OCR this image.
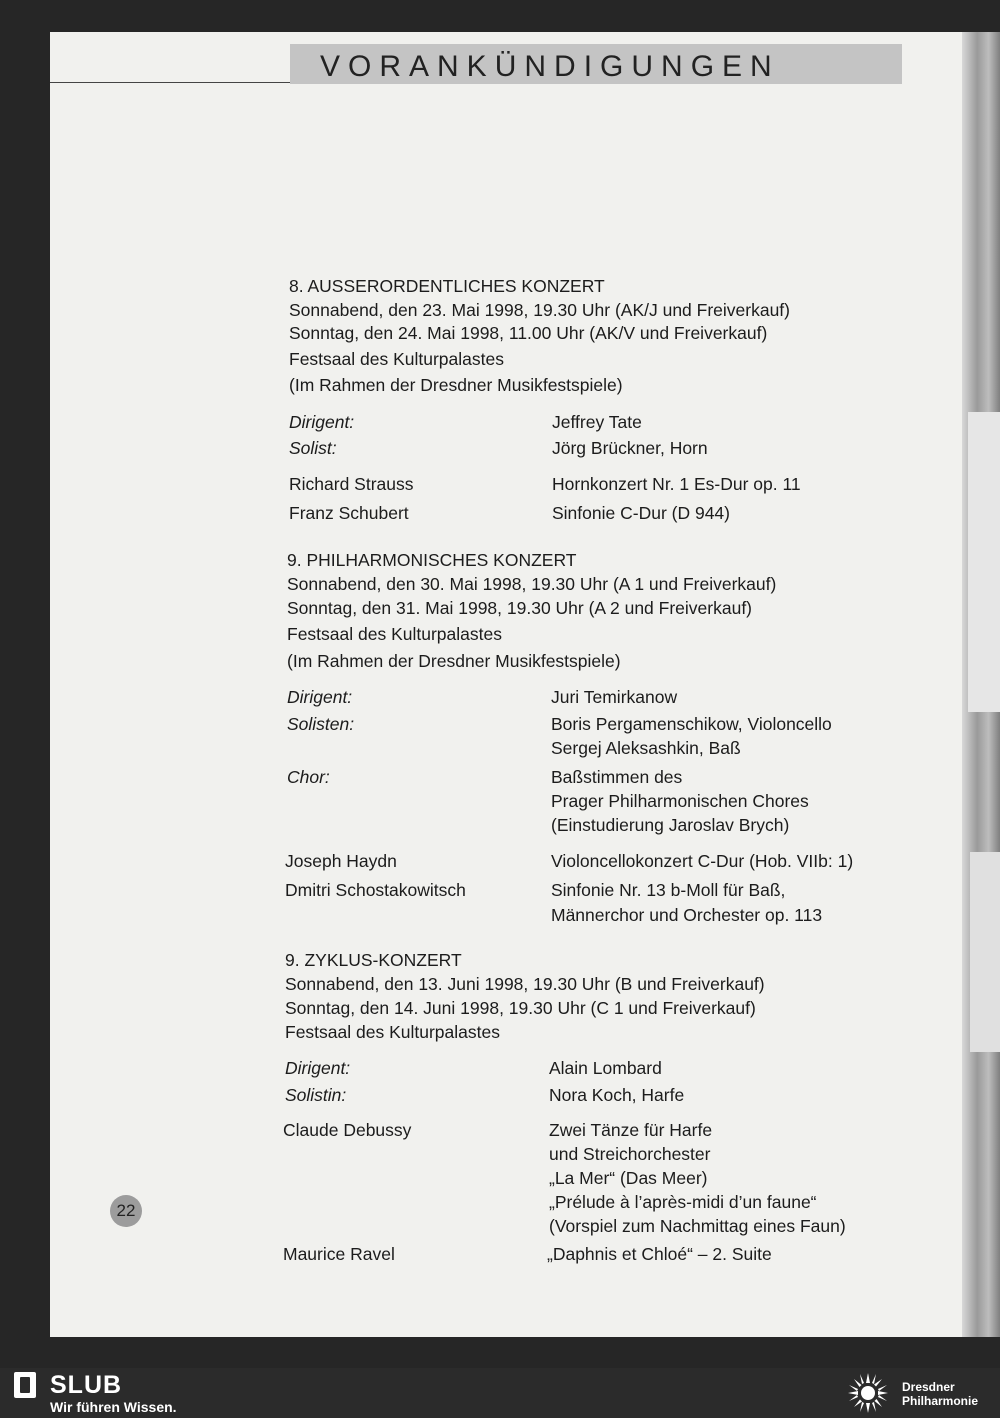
VORANKÜNDIGUNGEN
8. AUSSERORDENTLICHES KONZERT
Sonnabend, den 23. Mai 1998, 19.30 Uhr (AK/J und Freiverkauf)
Sonntag, den 24. Mai 1998, 11.00 Uhr (AK/V und Freiverkauf)
Festsaal des Kulturpalastes
(Im Rahmen der Dresdner Musikfestspiele)
Dirigent:	Jeffrey Tate
Solist:	Jörg Brückner, Horn
Richard Strauss	Hornkonzert Nr. 1 Es-Dur op. 11
Franz Schubert	Sinfonie C-Dur (D 944)
9. PHILHARMONISCHES KONZERT
Sonnabend, den 30. Mai 1998, 19.30 Uhr (A 1 und Freiverkauf)
Sonntag, den 31. Mai 1998, 19.30 Uhr (A 2 und Freiverkauf)
Festsaal des Kulturpalastes
(Im Rahmen der Dresdner Musikfestspiele)
Dirigent:	Juri Temirkanow
Solisten:	Boris Pergamenschikow, Violoncello
Sergej Aleksashkin, Baß
Chor:	Baßstimmen des
Prager Philharmonischen Chores
(Einstudierung Jaroslav Brych)
Joseph Haydn	Violoncellokonzert C-Dur (Hob. VIIb: 1)
Dmitri Schostakowitsch	Sinfonie Nr. 13 b-Moll für Baß,
Männerchor und Orchester op. 113
9. ZYKLUS-KONZERT
Sonnabend, den 13. Juni 1998, 19.30 Uhr (B und Freiverkauf)
Sonntag, den 14. Juni 1998, 19.30 Uhr (C 1 und Freiverkauf)
Festsaal des Kulturpalastes
Dirigent:	Alain Lombard
Solistin:	Nora Koch, Harfe
Claude Debussy	Zwei Tänze für Harfe
und Streichorchester
„La Mer“ (Das Meer)
„Prélude à l’après-midi d’un faune“
(Vorspiel zum Nachmittag eines Faun)
Maurice Ravel	„Daphnis et Chloé“ – 2. Suite
22
SLUB
Wir führen Wissen.
Dresdner
Philharmonie
